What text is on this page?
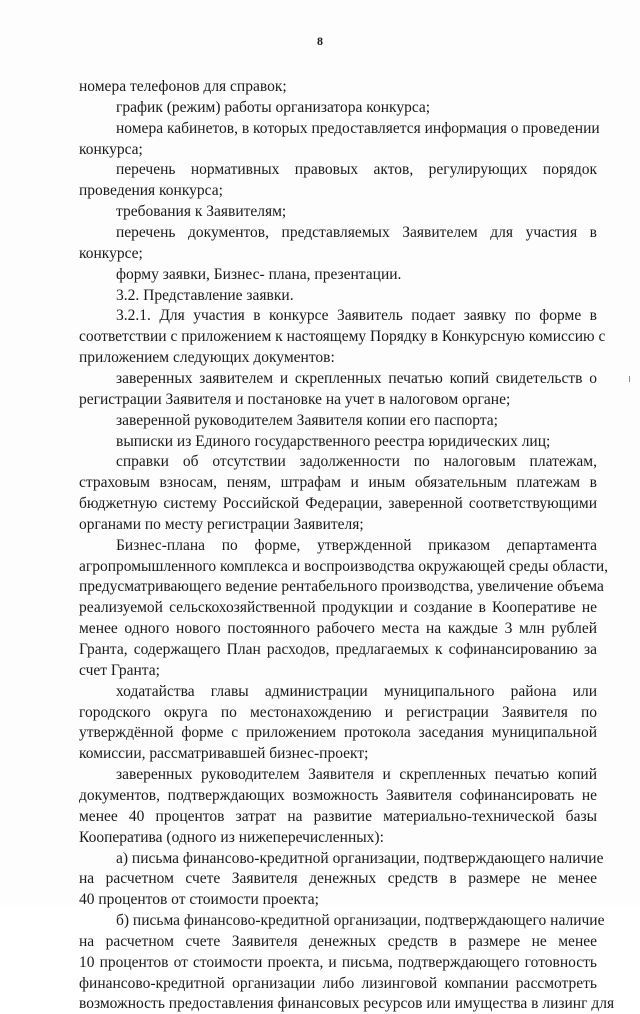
8
номера телефонов для справок;
график (режим) работы организатора конкурса;
номера кабинетов, в которых предоставляется информация о проведении
конкурса;
перечень нормативных правовых актов, регулирующих порядок
проведения конкурса;
требования к Заявителям;
перечень документов, представляемых Заявителем для участия в
конкурсе;
форму заявки, Бизнес- плана, презентации.
3.2. Представление заявки.
3.2.1. Для участия в конкурсе Заявитель подает заявку по форме в
соответствии с приложением к настоящему Порядку в Конкурсную комиссию с
приложением следующих документов:
заверенных заявителем и скрепленных печатью копий свидетельств о
регистрации Заявителя и постановке на учет в налоговом органе;
заверенной руководителем Заявителя копии его паспорта;
выписки из Единого государственного реестра юридических лиц;
справки об отсутствии задолженности по налоговым платежам,
страховым взносам, пеням, штрафам и иным обязательным платежам в
бюджетную систему Российской Федерации, заверенной соответствующими
органами по месту регистрации Заявителя;
Бизнес-плана по форме, утвержденной приказом департамента
агропромышленного комплекса и воспроизводства окружающей среды области,
предусматривающего ведение рентабельного производства, увеличение объема
реализуемой сельскохозяйственной продукции и создание в Кооперативе не
менее одного нового постоянного рабочего места на каждые 3 млн рублей
Гранта, содержащего План расходов, предлагаемых к софинансированию за
счет Гранта;
ходатайства главы администрации муниципального района или
городского округа по местонахождению и регистрации Заявителя по
утверждённой форме с приложением протокола заседания муниципальной
комиссии, рассматривавшей бизнес-проект;
заверенных руководителем Заявителя и скрепленных печатью копий
документов, подтверждающих возможность Заявителя софинансировать не
менее 40 процентов затрат на развитие материально-технической базы
Кооператива (одного из нижеперечисленных):
а) письма финансово-кредитной организации, подтверждающего наличие
на расчетном счете Заявителя денежных средств в размере не менее
40 процентов от стоимости проекта;
б) письма финансово-кредитной организации, подтверждающего наличие
на расчетном счете Заявителя денежных средств в размере не менее
10 процентов от стоимости проекта, и письма, подтверждающего готовность
финансово-кредитной организации либо лизинговой компании рассмотреть
возможность предоставления финансовых ресурсов или имущества в лизинг для
